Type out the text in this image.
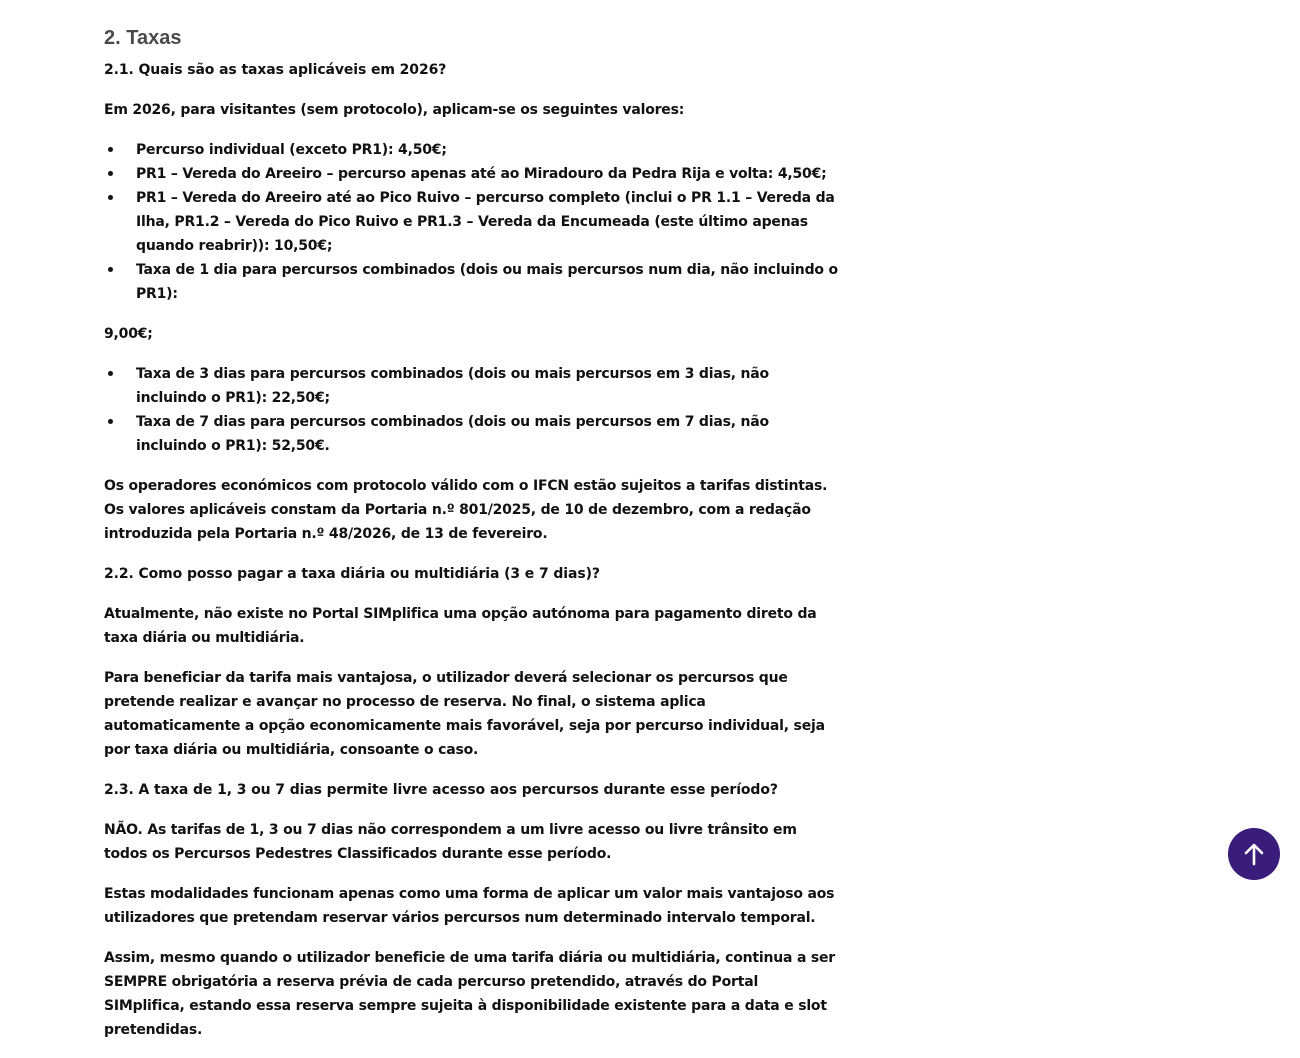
2. Taxas
2.1. Quais são as taxas aplicáveis em 2026?

Em 2026, para visitantes (sem protocolo), aplicam-se os seguintes valores:

Percurso individual (exceto PR1): 4,50€;
PR1 – Vereda do Areeiro – percurso apenas até ao Miradouro da Pedra Rija e volta: 4,50€;
PR1 – Vereda do Areeiro até ao Pico Ruivo – percurso completo (inclui o PR 1.1 – Vereda da Ilha, PR1.2 – Vereda do Pico Ruivo e PR1.3 – Vereda da Encumeada (este último apenas quando reabrir)): 10,50€;
Taxa de 1 dia para percursos combinados (dois ou mais percursos num dia, não incluindo o PR1):

9,00€;

Taxa de 3 dias para percursos combinados (dois ou mais percursos em 3 dias, não incluindo o PR1): 22,50€;
Taxa de 7 dias para percursos combinados (dois ou mais percursos em 7 dias, não incluindo o PR1): 52,50€.

Os operadores económicos com protocolo válido com o IFCN estão sujeitos a tarifas distintas. Os valores aplicáveis constam da Portaria n.º 801/2025, de 10 de dezembro, com a redação introduzida pela Portaria n.º 48/2026, de 13 de fevereiro.

2.2. Como posso pagar a taxa diária ou multidiária (3 e 7 dias)?

Atualmente, não existe no Portal SIMplifica uma opção autónoma para pagamento direto da taxa diária ou multidiária.

Para beneficiar da tarifa mais vantajosa, o utilizador deverá selecionar os percursos que pretende realizar e avançar no processo de reserva. No final, o sistema aplica automaticamente a opção economicamente mais favorável, seja por percurso individual, seja por taxa diária ou multidiária, consoante o caso.

2.3. A taxa de 1, 3 ou 7 dias permite livre acesso aos percursos durante esse período?

NÃO. As tarifas de 1, 3 ou 7 dias não correspondem a um livre acesso ou livre trânsito em todos os Percursos Pedestres Classificados durante esse período.

Estas modalidades funcionam apenas como uma forma de aplicar um valor mais vantajoso aos utilizadores que pretendam reservar vários percursos num determinado intervalo temporal.

Assim, mesmo quando o utilizador beneficie de uma tarifa diária ou multidiária, continua a ser SEMPRE obrigatória a reserva prévia de cada percurso pretendido, através do Portal SIMplifica, estando essa reserva sempre sujeita à disponibilidade existente para a data e slot pretendidas.
